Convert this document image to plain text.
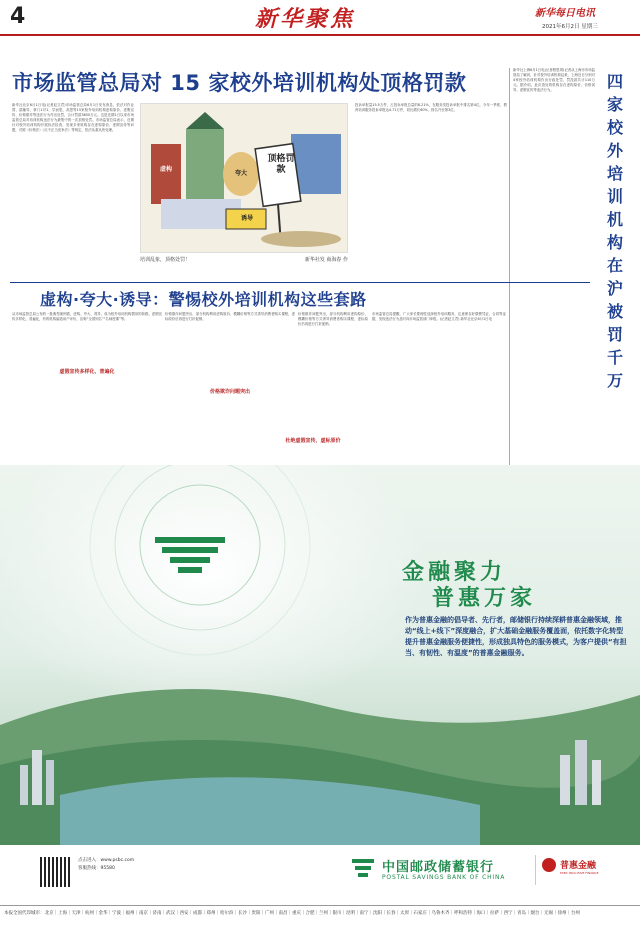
4	新华聚焦	新华每日电讯
2021年6月2日 星期三
市场监管总局对 15 家校外培训机构处顶格罚款
新华社北京6月1日电(记者赵文君)市场监管总局6月1日发布消息，依法对作业帮、猿辅导、掌门1对1、学而思、高思等15家校外培训机构虚构原价、虚假宣传、价格欺诈等违法行为作出处罚，合计罚款3650万元。这是近期1日以来市场监管总局对培训机构违法行为最集中的一次顶格处罚。市场监管总局表示，近期针对校外培训机构开展执法检查，发现多家机构存在虚构原价、虚假宣传等问题，对照《价格法》《反不正当竞争法》等规定，依法从重从快处理。
投诉举报量15.5万件，占投诉举报总量的8.21%，在服务类投诉举报中排名第4位。今年一季度，教育培训服务投诉举报达4.71万件，同比增长60%，排名升至第3位。
新华社上海6月1日电(记者程思琪)记者从上海市市场监管局了解到，针对校外培训机构乱象，上海近日分别对4家校外培训机构作出行政处罚，罚没款共计110万元。据介绍，此次查处的机构存在虚构原价、价格误导、虚假宣传等违法行为。	四家校外培训机构在沪被罚千万
顶格罚款
诱导
夸大
虚构
培训乱象，顶格处罚！	新华社发 商海春 作
虚构·夸大·诱导：警惕校外培训机构这些套路
从市场监管总局公布的一批典型案例看，虚构、夸大、诱导，成为校外培训机构惯用的套路。虚假宣传多样化、普遍化，有的机构编造用户评价，宣称“全国知名”“名师授课”等。
虚假宣传多样化、普遍化
价格欺诈问题突出，部分机构利用虚构原价、模糊价格等方式诱导消费者购买课程，虚标原价后再进行打折促销。
价格欺诈问题突出
价格欺诈问题突出，部分机构利用虚构原价、模糊价格等方式诱导消费者购买课程，虚标原价后再进行打折促销。
杜绝虚假宣传、虚标原价
市场监管总局提醒，广大家长要理性选择校外培训服务，注意保存好缴费凭证、合同等证据，发现违法行为及时向市场监管部门举报。(记者赵文君) 新华社北京6月1日电
金融聚力
普惠万家
作为普惠金融的倡导者、先行者，邮储银行持续深耕普惠金融领域，推动“线上+线下”深度融合，扩大基础金融服务覆盖面，依托数字化转型提升普惠金融服务便捷性，形成独具特色的服务模式，为客户提供“有担当、有韧性、有温度”的普惠金融服务。
点击进入：www.psbc.com
客服热线：95580	中国邮政储蓄银行
POSTAL SAVINGS BANK OF CHINA
普惠金融
PSBC INCLUSIVE FINANCE
本报全国代印城市：北京｜上海｜天津｜杭州｜金华｜宁波｜福州｜南京｜济南｜武汉｜西安｜成都｜郑州｜哈尔滨｜长沙｜贵阳｜广州｜南昌｜重庆｜合肥｜兰州｜银川｜昆明｜南宁｜沈阳｜长春｜太原｜石家庄｜乌鲁木齐｜呼和浩特｜海口｜拉萨｜西宁｜青岛｜烟台｜无锡｜徐州｜台州
